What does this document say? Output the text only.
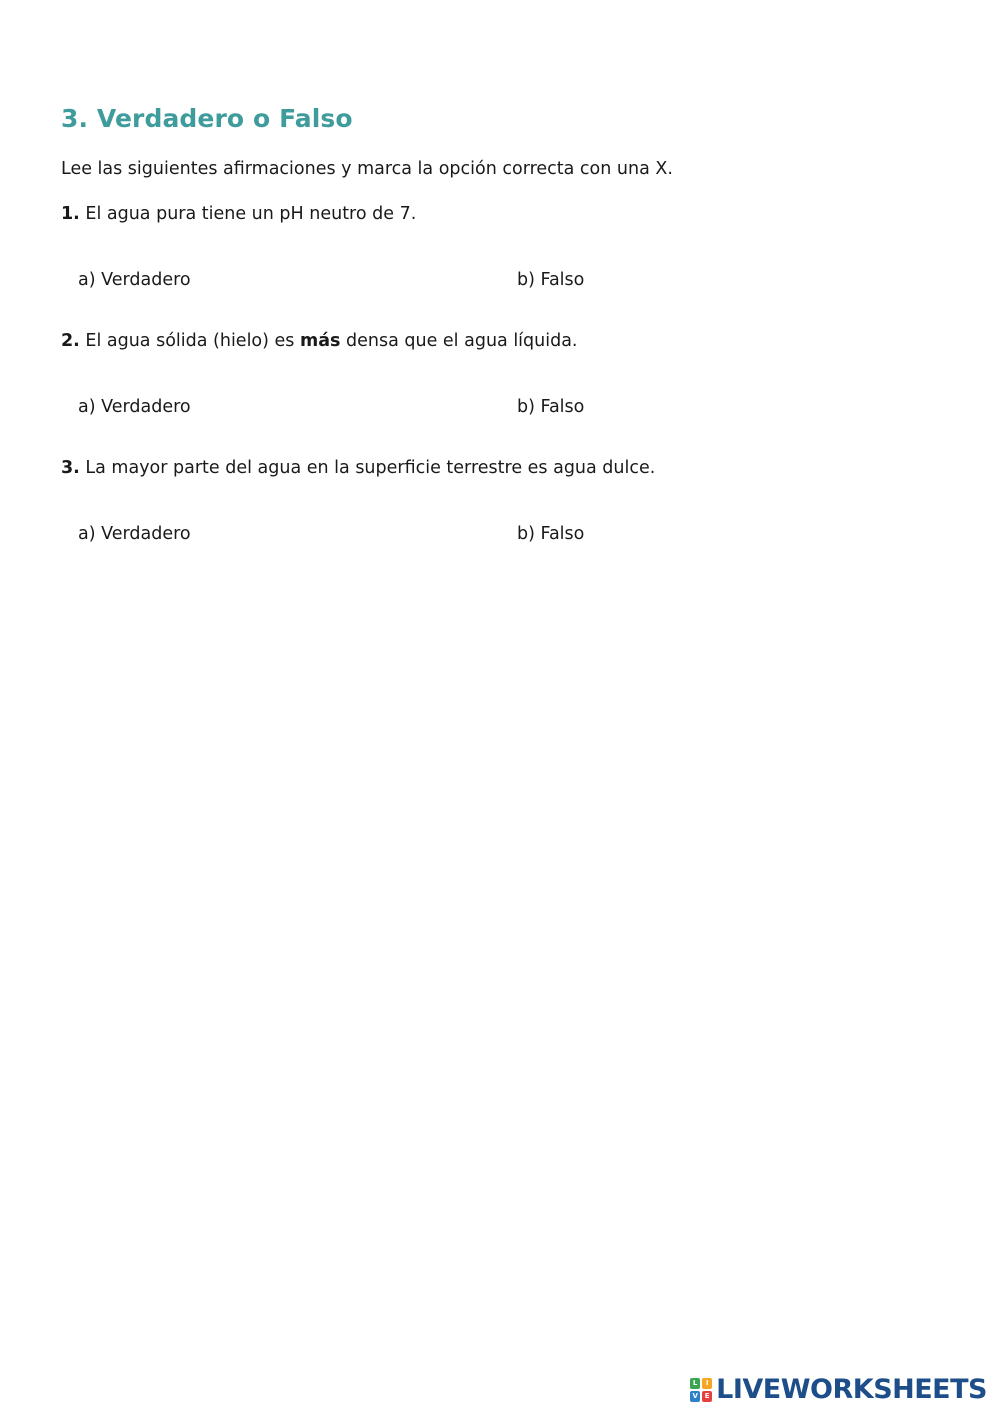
3. Verdadero o Falso

Lee las siguientes afirmaciones y marca la opción correcta con una X.

1. El agua pura tiene un pH neutro de 7.

a) Verdadero	b) Falso

2. El agua sólida (hielo) es más densa que el agua líquida.

a) Verdadero	b) Falso

3. La mayor parte del agua en la superficie terrestre es agua dulce.

a) Verdadero	b) Falso
L	I
V E LIVEWORKSHEETS
